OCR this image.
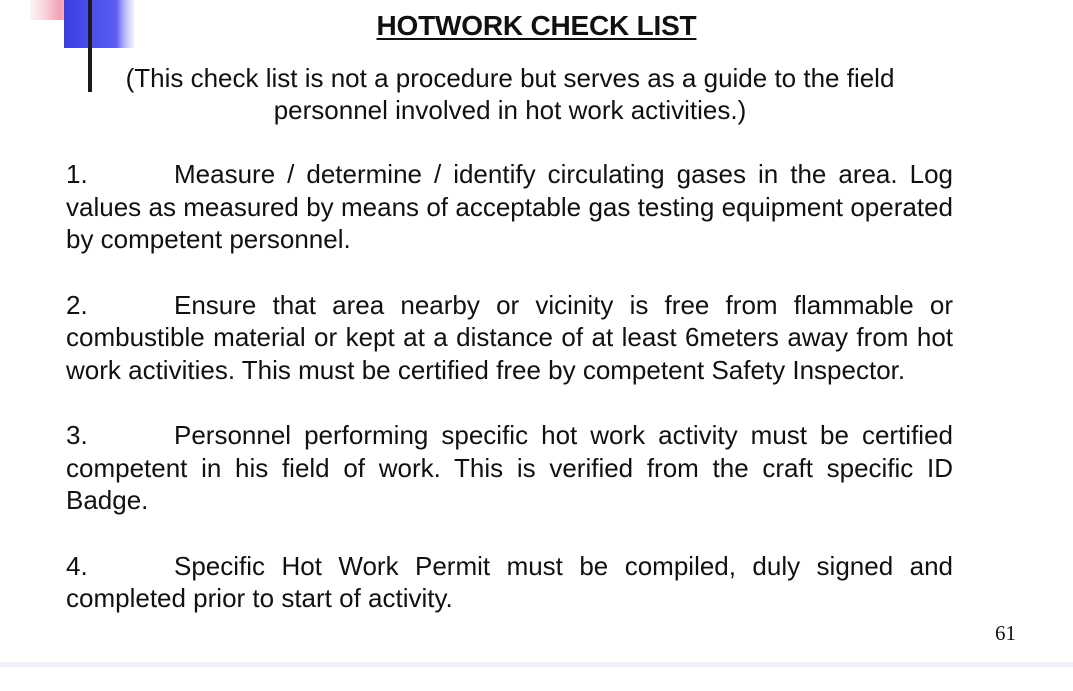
HOTWORK CHECK LIST
(This check list is not a procedure but serves as a guide to the field
personnel involved in hot work activities.)

1.	Measure / determine / identify circulating gases in the area. Log values as measured by means of acceptable gas testing equipment operated by competent personnel.

2.	Ensure that area nearby or vicinity is free from flammable or combustible material or kept at a distance of at least 6meters away from hot work activities. This must be certified free by competent Safety Inspector.

3.	Personnel performing specific hot work activity must be certified competent in his field of work. This is verified from the craft specific ID Badge.

4.	Specific Hot Work Permit must be compiled, duly signed and completed prior to start of activity.

61
